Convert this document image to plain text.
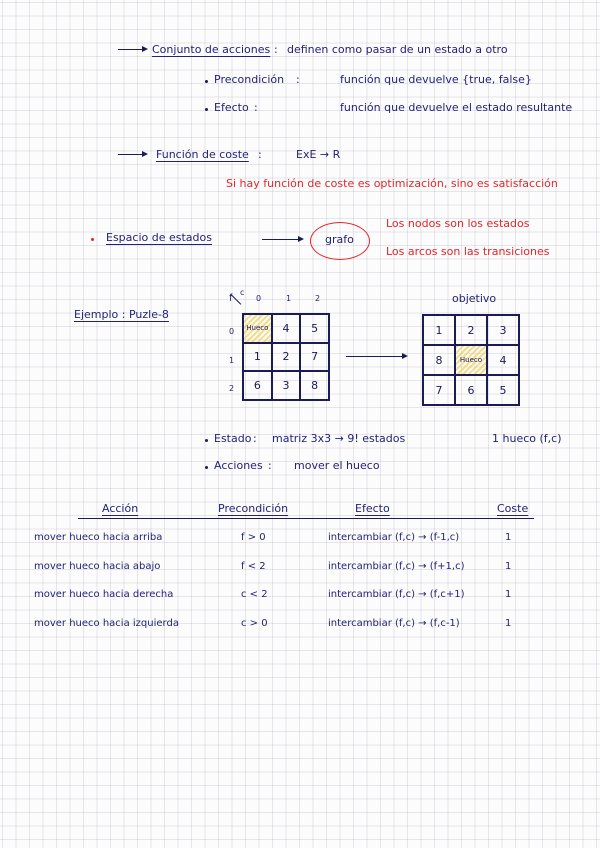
Conjunto de acciones : definen como pasar de un estado a otro
Precondición :	función que devuelve {true, false}
Efecto :	función que devuelve el estado resultante
Función de coste :	ExE → R
Si hay función de coste es optimización, sino es satisfacción
Espacio de estados	grafo
Los nodos son los estados
Los arcos son las transiciones
Ejemplo : Puzle-8
f
c
0	1	2
0
1
2
Hueco	4	5
1	2	7
6	3	8
objetivo
1	2	3
8	Hueco	4
7	6	5
Estado : matriz 3x3 → 9! estados	1 hueco (f,c)
Acciones : mover el hueco
Acción	Precondición	Efecto	Coste
mover hueco hacia arriba	f > 0	intercambiar (f,c) → (f-1,c)	1
mover hueco hacia abajo	f < 2	intercambiar (f,c) → (f+1,c)	1
mover hueco hacia derecha	c < 2	intercambiar (f,c) → (f,c+1)	1
mover hueco hacia izquierda	c > 0	intercambiar (f,c) → (f,c-1)	1
